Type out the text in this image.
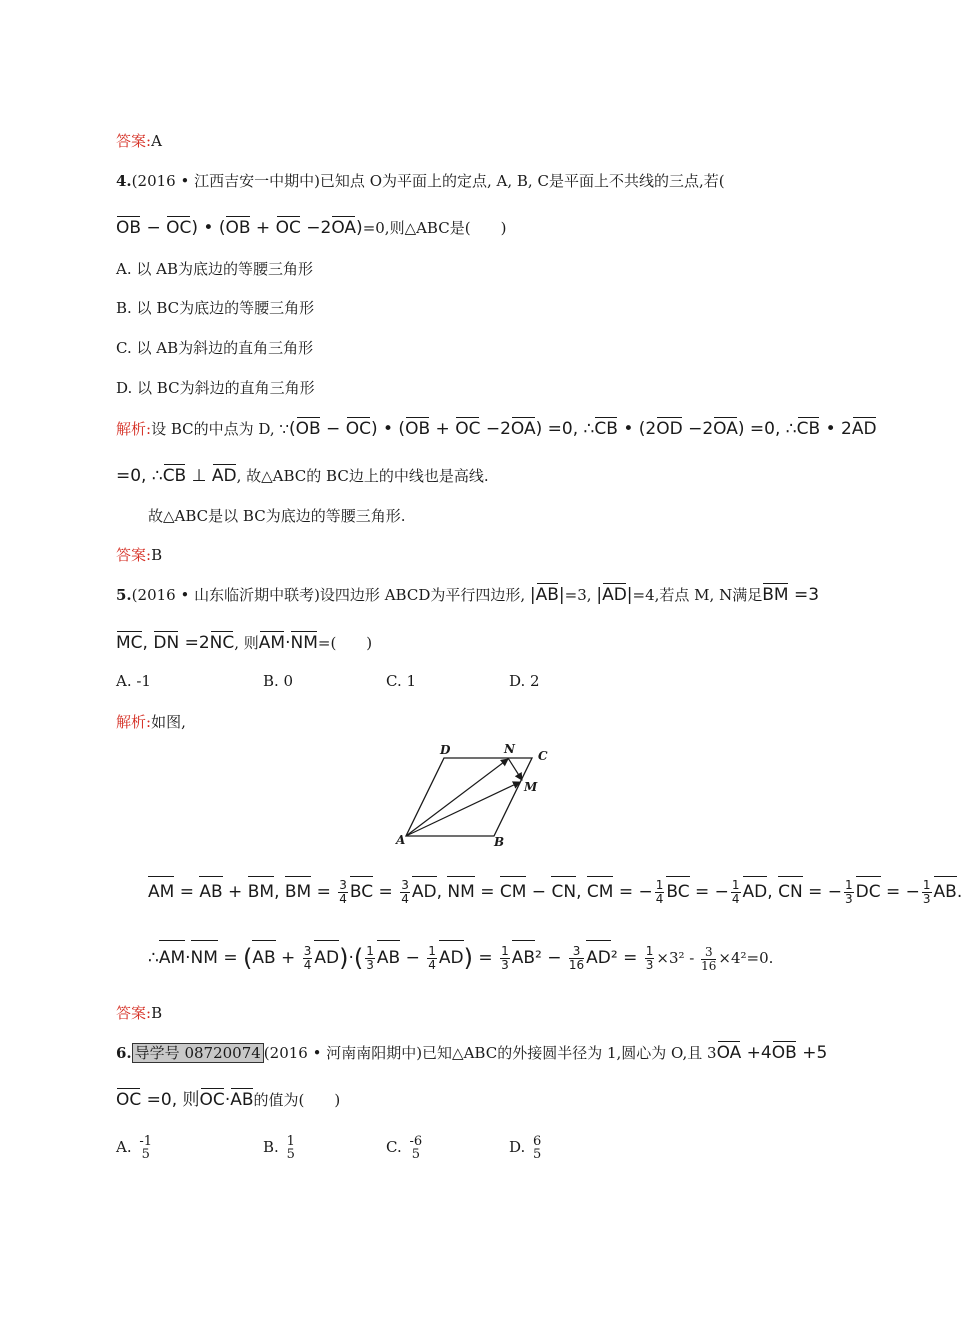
答案:A
4.(2016 • 江西吉安一中期中)已知点 O为平面上的定点, A, B, C是平面上不共线的三点,若(
OB − OC) • (OB + OC −2OA)=0,则△ABC是(　　)
A. 以 AB为底边的等腰三角形
B. 以 BC为底边的等腰三角形
C. 以 AB为斜边的直角三角形
D. 以 BC为斜边的直角三角形
解析:设 BC的中点为 D, ∵(OB − OC) • (OB + OC −2OA) =0, ∴CB • (2OD −2OA) =0, ∴CB • 2AD
=0, ∴CB ⊥ AD, 故△ABC的 BC边上的中线也是高线.
故△ABC是以 BC为底边的等腰三角形.
答案:B
5.(2016 • 山东临沂期中联考)设四边形 ABCD为平行四边形, |AB|=3, |AD|=4,若点 M, N满足BM =3
MC, DN =2NC, 则AM·NM=(　　)
A. -1	B. 0	C. 1	D. 2
解析:如图,
D	N C
M
A	B
AM = AB + BM, BM = $\frac{3}{4}$ BC = $\frac{3}{4}$ AD, NM = CM − CN, CM = − $\frac{1}{4}$ BC = − $\frac{1}{4}$ AD, CN = − $\frac{1}{3}$ DC = − $\frac{1}{3}$ AB.
∴AM·NM = $(AB + \frac{3}{4} AD)\cdot( \frac{1}{3}$ AB − $\frac{1}{4} AD) = \frac{1}{3} AB^2 - \frac{3}{16} AD^2 = \frac{1}{3} \times 3^2 - \frac{3}{16} \times 4^2=0$.
答案:B
6. 导学号 08720074 (2016 • 河南南阳期中)已知△ABC的外接圆半径为 1,圆心为 O,且 3OA +4OB +5
OC =0, 则OC·AB的值为(　　)
A. -1
5	B. 1
5	C. -6
5	D. 6
5
